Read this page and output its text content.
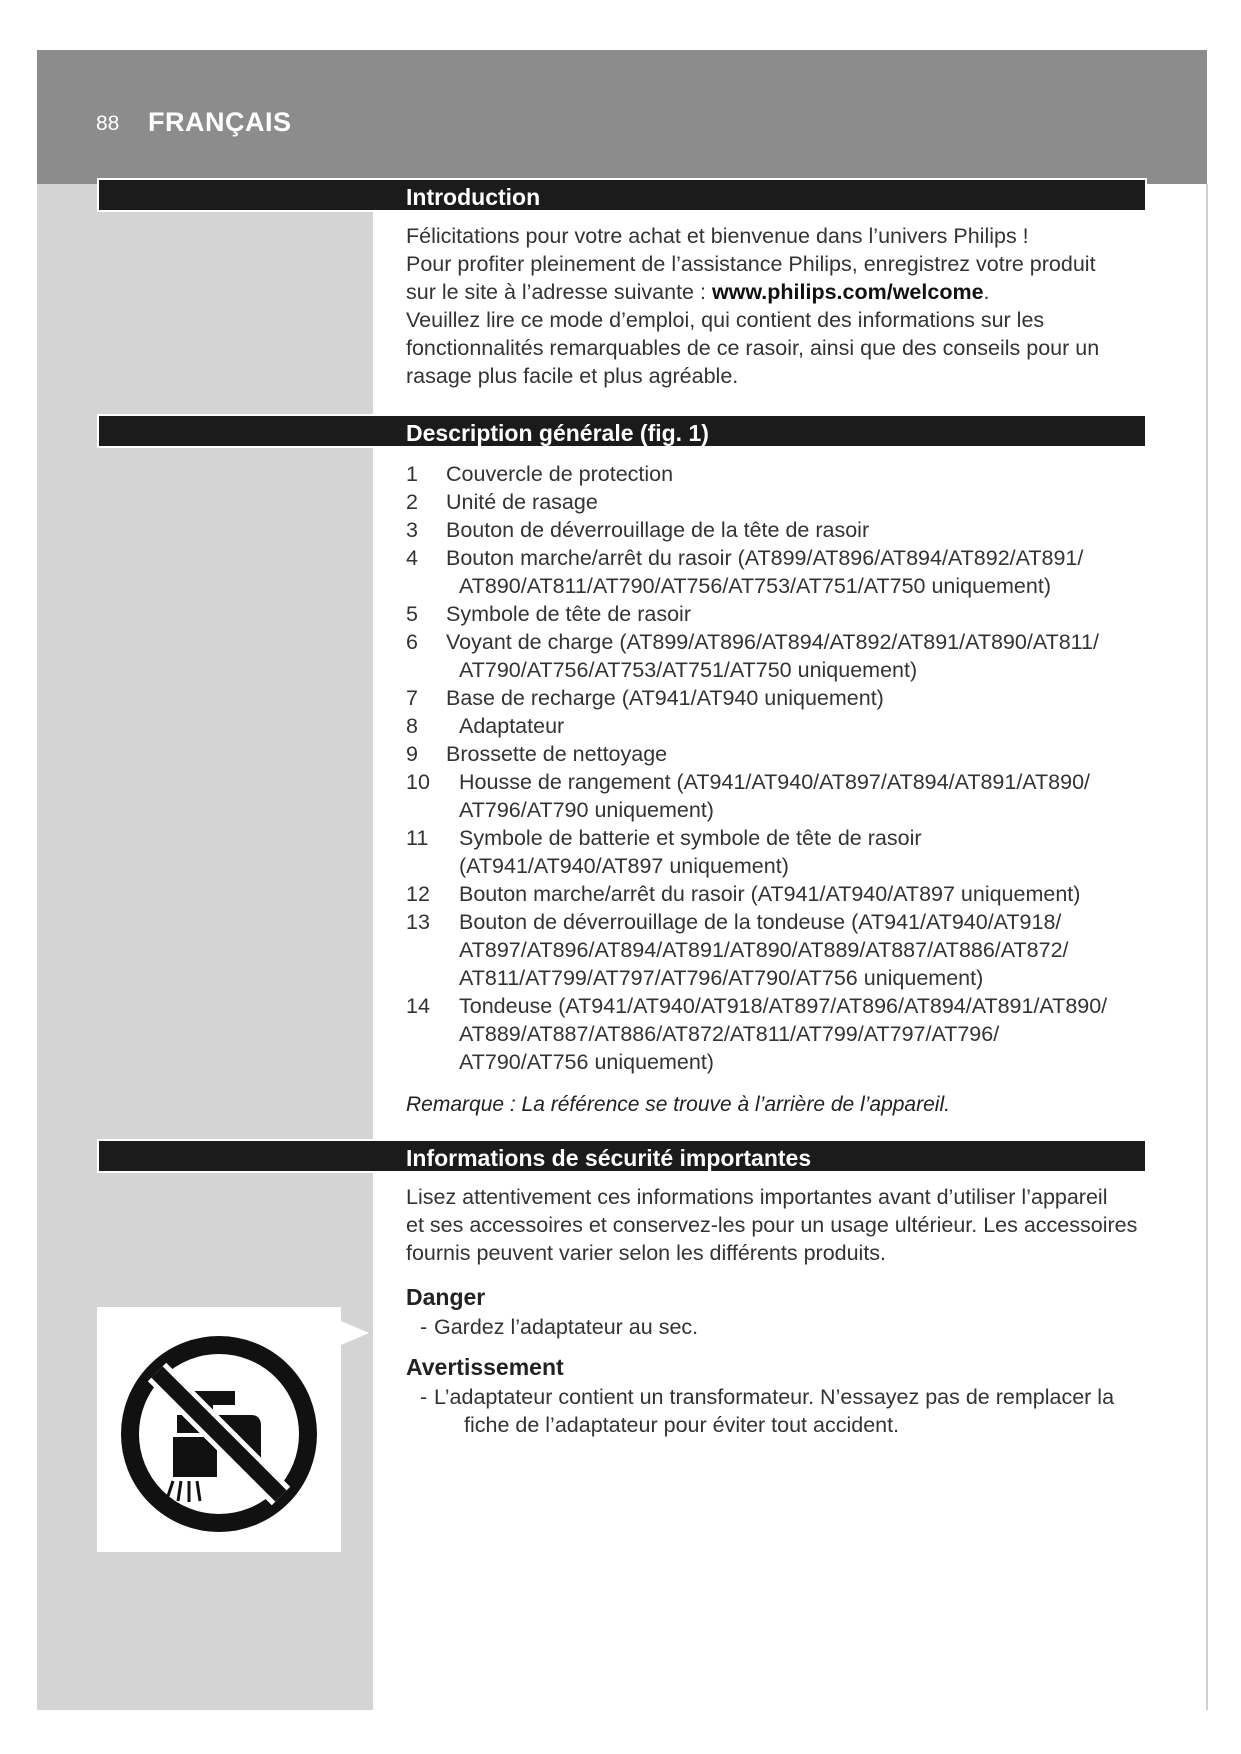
88 FRANÇAIS
Introduction

Félicitations pour votre achat et bienvenue dans l’univers Philips !

Pour profiter pleinement de l’assistance Philips, enregistrez votre produit

sur le site à l’adresse suivante : www.philips.com/welcome.

Veuillez lire ce mode d’emploi, qui contient des informations sur les

fonctionnalités remarquables de ce rasoir, ainsi que des conseils pour un

rasage plus facile et plus agréable.

Description générale (fig. 1)
1 Couvercle de protection
2 Unité de rasage
3 Bouton de déverrouillage de la tête de rasoir
4 Bouton marche/arrêt du rasoir (AT899/AT896/AT894/AT892/AT891/
AT890/AT811/AT790/AT756/AT753/AT751/AT750 uniquement)
5 Symbole de tête de rasoir
6 Voyant de charge (AT899/AT896/AT894/AT892/AT891/AT890/AT811/
AT790/AT756/AT753/AT751/AT750 uniquement)
7 Base de recharge (AT941/AT940 uniquement)
8	Adaptateur
9 Brossette de nettoyage
10	Housse de rangement (AT941/AT940/AT897/AT894/AT891/AT890/
AT796/AT790 uniquement)
11	Symbole de batterie et symbole de tête de rasoir
(AT941/AT940/AT897 uniquement)
12	Bouton marche/arrêt du rasoir (AT941/AT940/AT897 uniquement)
13	Bouton de déverrouillage de la tondeuse (AT941/AT940/AT918/
AT897/AT896/AT894/AT891/AT890/AT889/AT887/AT886/AT872/
AT811/AT799/AT797/AT796/AT790/AT756 uniquement)
14	Tondeuse (AT941/AT940/AT918/AT897/AT896/AT894/AT891/AT890/
AT889/AT887/AT886/AT872/AT811/AT799/AT797/AT796/
AT790/AT756 uniquement)
Remarque : La référence se trouve à l’arrière de l’appareil.
Informations de sécurité importantes

Lisez attentivement ces informations importantes avant d’utiliser l’appareil

et ses accessoires et conservez-les pour un usage ultérieur. Les accessoires

fournis peuvent varier selon les différents produits.

Danger
- Gardez l’adaptateur au sec.
Avertissement
- L’adaptateur contient un transformateur. N’essayez pas de remplacer la
fiche de l’adaptateur pour éviter tout accident.
